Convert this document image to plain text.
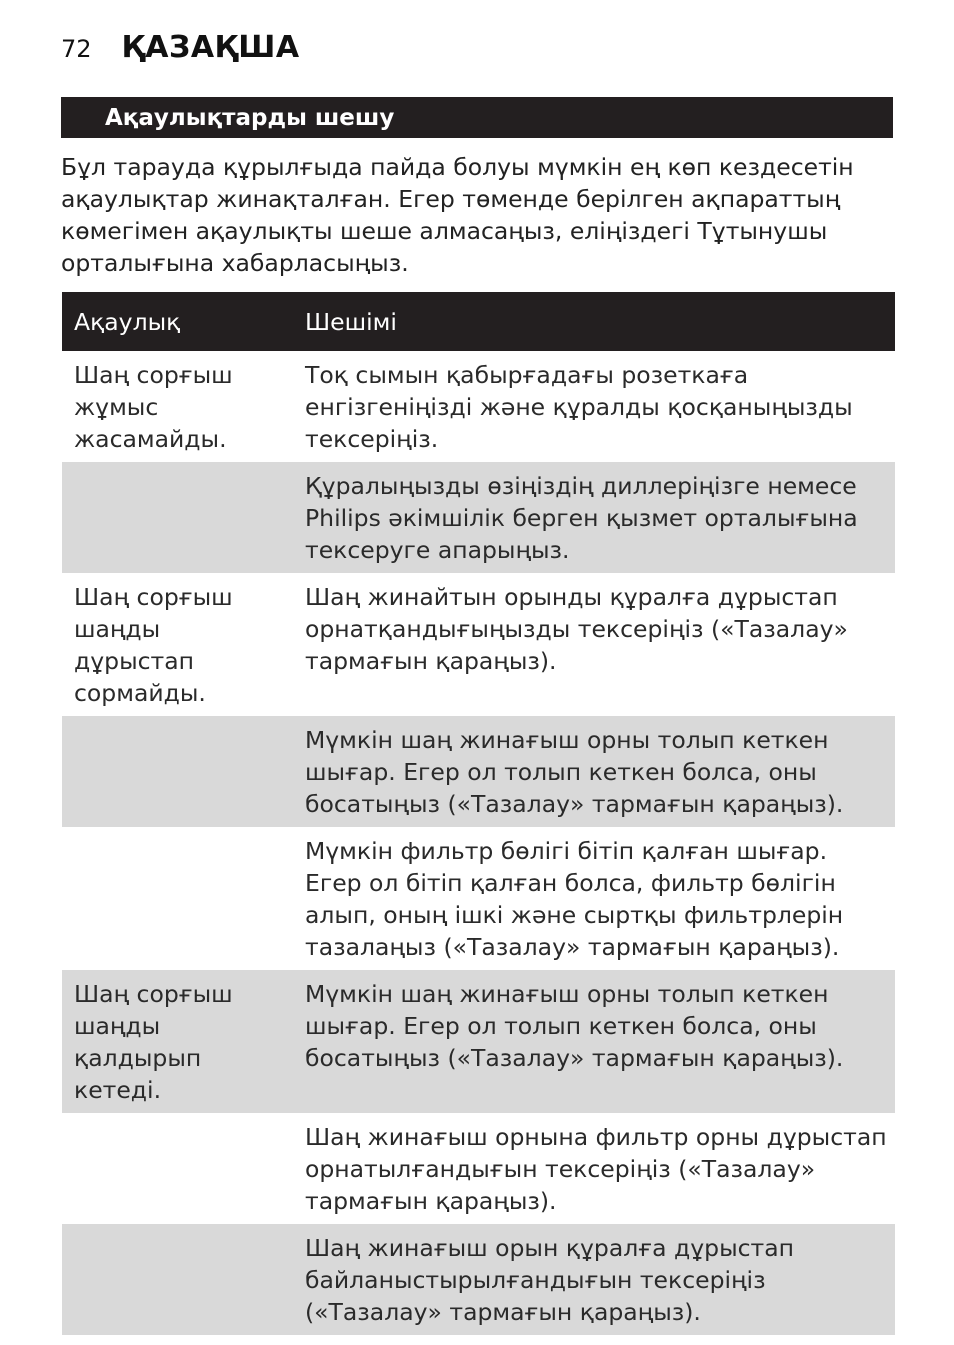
72 ҚАЗАҚША
Ақаулықтарды шешу

Бұл тарауда құрылғыда пайда болуы мүмкін ең көп кездесетін ақаулықтар жинақталған. Егер төменде берілген ақпараттың көмегімен ақаулықты шеше алмасаңыз, еліңіздегі Тұтынушы орталығына хабарласыңыз.

Ақаулық	Шешімі
Шаң сорғыш жұмыс жасамайды.	Тоқ сымын қабырғадағы розеткаға енгізгеніңізді және құралды қосқаныңызды тексеріңіз.
	Құралыңызды өзіңіздің диллеріңізге немесе Philips әкімшілік берген қызмет орталығына тексеруге апарыңыз.
Шаң сорғыш шаңды дұрыстап сормайды.	Шаң жинайтын орынды құралға дұрыстап орнатқандығыңызды тексеріңіз («Тазалау» тармағын қараңыз).
	Мүмкін шаң жинағыш орны толып кеткен шығар. Егер ол толып кеткен болса, оны босатыңыз («Тазалау» тармағын қараңыз).
	Мүмкін фильтр бөлігі бітіп қалған шығар. Егер ол бітіп қалған болса, фильтр бөлігін алып, оның ішкі және сыртқы фильтрлерін тазалаңыз («Тазалау» тармағын қараңыз).
Шаң сорғыш шаңды қалдырып кетеді.	Мүмкін шаң жинағыш орны толып кеткен шығар. Егер ол толып кеткен болса, оны босатыңыз («Тазалау» тармағын қараңыз).
	Шаң жинағыш орнына фильтр орны дұрыстап орнатылғандығын тексеріңіз («Тазалау» тармағын қараңыз).
	Шаң жинағыш орын құралға дұрыстап байланыстырылғандығын тексеріңіз («Тазалау» тармағын қараңыз).
